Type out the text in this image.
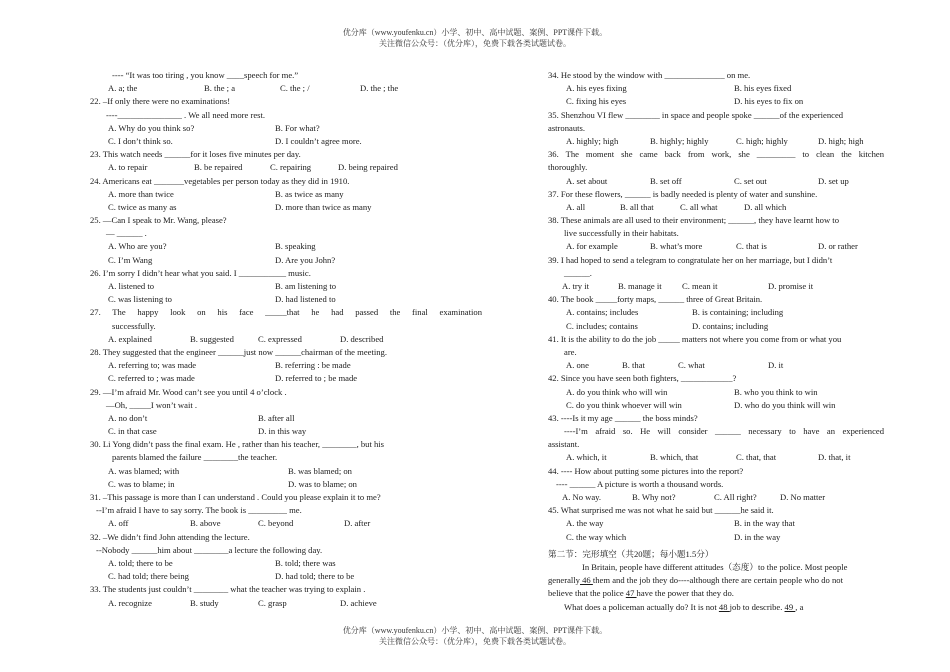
优分库（www.youfenku.cn）小学、初中、高中试题、案例、PPT课件下载。
关注微信公众号：（优分库），免费下载各类试题试卷。
---- “It was too tiring , you know ____speech for me.”
A. a; the	B. the ; a	C. the ; /	D. the ; the
22. –If only there were no examinations!
----_______________ . We all need more rest.
A. Why do you think so?	B. For what?
C. I don’t think so.	D. I couldn’t agree more.
23. This watch needs ______for it loses five minutes per day.
A. to repair	B. be repaired	C. repairing	D. being repaired
24. Americans eat _______vegetables per person today as they did in 1910.
A. more than twice	B. as twice as many
C. twice as many as	D. more than twice as many
25. —Can I speak to Mr. Wang, please?
— ______ .
A. Who are you?	B. speaking
C. I’m Wang	D. Are you John?
26. I’m sorry I didn’t hear what you said. I ___________ music.
A. listened to	B. am listening to
C. was listening to	D. had listened to
27. The happy look on his face _____that he had passed the final examination
successfully.
A. explained	B. suggested	C. expressed	D. described
28. They suggested that the engineer ______just now ______chairman of the meeting.
A. referring to; was made	B. referring : be made
C. referred to ; was made	D. referred to ; be made
29. —I’m afraid Mr. Wood can’t see you until 4 o’clock .
—Oh, _____I won’t wait .
A. no don’t	B. after all
C. in that case	D. in this way
30. Li Yong didn’t pass the final exam. He , rather than his teacher, ________, but his
parents blamed the failure ________the teacher.
A. was blamed; with	B. was blamed; on
C. was to blame; in	D. was to blame; on
31. –This passage is more than I can understand . Could you please explain it to me?
--I’m afraid I have to say sorry. The book is _________ me.
A. off	B. above	C. beyond	D. after
32. –We didn’t find John attending the lecture.
--Nobody ______him about ________a lecture the following day.
A. told; there to be	B. told; there was
C. had told; there being	D. had told; there to be
33. The students just couldn’t ________ what the teacher was trying to explain .
A. recognize	B. study	C. grasp	D. achieve
34. He stood by the window with ______________ on me.
A. his eyes fixing	B. his eyes fixed
C. fixing his eyes	D. his eyes to fix on
35. Shenzhou VI flew ________ in space and people spoke ______of the experienced
astronauts.
A. highly; high	B. highly; highly	C. high; highly	D. high; high
36. The moment she came back from work, she _________ to clean the kitchen
thoroughly.
A. set about	B. set off	C. set out	D. set up
37. For these flowers, ______ is badly needed is plenty of water and sunshine.
A. all	B. all that	C. all what	D. all which
38. These animals are all used to their environment; ______, they have learnt how to
live successfully in their habitats.
A. for example	B. what’s more	C. that is	D. or rather
39. I had hoped to send a telegram to congratulate her on her marriage, but I didn’t
______.
A. try it	B. manage it C. mean it	D. promise it
40. The book _____forty maps, ______ three of Great Britain.
A. contains; includes	B. is containing; including
C. includes; contains	D. contains; including
41. It is the ability to do the job _____ matters not where you come from or what you
are.
A. one	B. that	C. what	D. it
42. Since you have seen both fighters, ____________?
A. do you think who will win	B. who you think to win
C. do you think whoever will win	D. who do you think will win
43. ----Is it my age ______ the boss minds?
----I’m afraid so. He will consider ______ necessary to have an experienced
assistant.
A. which, it	B. which, that	C. that, that	D. that, it
44. ---- How about putting some pictures into the report?
---- ______ A picture is worth a thousand words.
A. No way.	B. Why not?	C. All right?	D. No matter
45. What surprised me was not what he said but ______he said it.
A. the way	B. in the way that
C. the way which	D. in the way
第二节：完形填空（共20题；每小题1.5分）
In Britain, people have different attitudes（态度）to the police. Most people
generally 46 them and the job they do----although there are certain people who do not
believe that the police 47 have the power that they do.
What does a policeman actually do? It is not 48 job to describe. 49 , a
优分库（www.youfenku.cn）小学、初中、高中试题、案例、PPT课件下载。
关注微信公众号：（优分库），免费下载各类试题试卷。
